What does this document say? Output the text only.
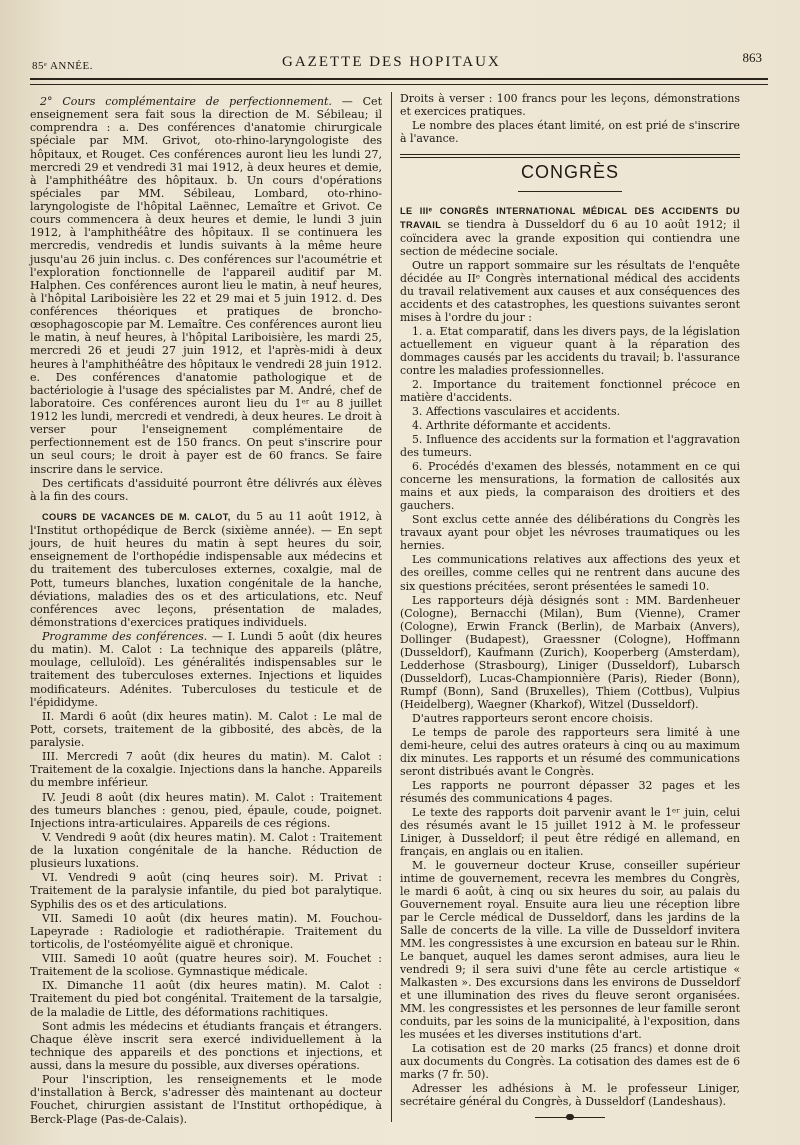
85ᵉ ANNÉE.	GAZETTE DES HOPITAUX	863

2° Cours complémentaire de perfectionnement. — Cet enseignement sera fait sous la direction de M. Sébileau; il comprendra : a. Des conférences d'anatomie chirurgicale spéciale par MM. Grivot, oto-rhino-laryngologiste des hôpitaux, et Rouget. Ces conférences auront lieu les lundi 27, mercredi 29 et vendredi 31 mai 1912, à deux heures et demie, à l'amphithéâtre des hôpitaux. b. Un cours d'opérations spéciales par MM. Sébileau, Lombard, oto-rhino-laryngologiste de l'hôpital Laënnec, Lemaître et Grivot. Ce cours commencera à deux heures et demie, le lundi 3 juin 1912, à l'amphithéâtre des hôpitaux. Il se continuera les mercredis, vendredis et lundis suivants à la même heure jusqu'au 26 juin inclus. c. Des conférences sur l'acoumétrie et l'exploration fonctionnelle de l'appareil auditif par M. Halphen. Ces conférences auront lieu le matin, à neuf heures, à l'hôpital Lariboisière les 22 et 29 mai et 5 juin 1912. d. Des conférences théoriques et pratiques de broncho-œsophagoscopie par M. Lemaître. Ces conférences auront lieu le matin, à neuf heures, à l'hôpital Lariboisière, les mardi 25, mercredi 26 et jeudi 27 juin 1912, et l'après-midi à deux heures à l'amphithéâtre des hôpitaux le vendredi 28 juin 1912. e. Des conférences d'anatomie pathologique et de bactériologie à l'usage des spécialistes par M. André, chef de laboratoire. Ces conférences auront lieu du 1ᵉʳ au 8 juillet 1912 les lundi, mercredi et vendredi, à deux heures. Le droit à verser pour l'enseignement complémentaire de perfectionnement est de 150 francs. On peut s'inscrire pour un seul cours; le droit à payer est de 60 francs. Se faire inscrire dans le service.

Des certificats d'assiduité pourront être délivrés aux élèves à la fin des cours.

COURS DE VACANCES DE M. CALOT, du 5 au 11 août 1912, à l'Institut orthopédique de Berck (sixième année). — En sept jours, de huit heures du matin à sept heures du soir, enseignement de l'orthopédie indispensable aux médecins et du traitement des tuberculoses externes, coxalgie, mal de Pott, tumeurs blanches, luxation congénitale de la hanche, déviations, maladies des os et des articulations, etc. Neuf conférences avec leçons, présentation de malades, démonstrations d'exercices pratiques individuels.

Programme des conférences. — I. Lundi 5 août (dix heures du matin). M. Calot : La technique des appareils (plâtre, moulage, celluloïd). Les généralités indispensables sur le traitement des tuberculoses externes. Injections et liquides modificateurs. Adénites. Tuberculoses du testicule et de l'épididyme.

II. Mardi 6 août (dix heures matin). M. Calot : Le mal de Pott, corsets, traitement de la gibbosité, des abcès, de la paralysie.

III. Mercredi 7 août (dix heures du matin). M. Calot : Traitement de la coxalgie. Injections dans la hanche. Appareils du membre inférieur.

IV. Jeudi 8 août (dix heures matin). M. Calot : Traitement des tumeurs blanches : genou, pied, épaule, coude, poignet. Injections intra-articulaires. Appareils de ces régions.

V. Vendredi 9 août (dix heures matin). M. Calot : Traitement de la luxation congénitale de la hanche. Réduction de plusieurs luxations.

VI. Vendredi 9 août (cinq heures soir). M. Privat : Traitement de la paralysie infantile, du pied bot paralytique. Syphilis des os et des articulations.

VII. Samedi 10 août (dix heures matin). M. Fouchou-Lapeyrade : Radiologie et radiothérapie. Traitement du torticolis, de l'ostéomyélite aiguë et chronique.

VIII. Samedi 10 août (quatre heures soir). M. Fouchet : Traitement de la scoliose. Gymnastique médicale.

IX. Dimanche 11 août (dix heures matin). M. Calot : Traitement du pied bot congénital. Traitement de la tarsalgie, de la maladie de Little, des déformations rachitiques.

Sont admis les médecins et étudiants français et étrangers. Chaque élève inscrit sera exercé individuellement à la technique des appareils et des ponctions et injections, et aussi, dans la mesure du possible, aux diverses opérations.

Pour l'inscription, les renseignements et le mode d'installation à Berck, s'adresser dès maintenant au docteur Fouchet, chirurgien assistant de l'Institut orthopédique, à Berck-Plage (Pas-de-Calais).

Droits à verser : 100 francs pour les leçons, démonstrations et exercices pratiques.

Le nombre des places étant limité, on est prié de s'inscrire à l'avance.

CONGRÈS

LE IIIᵉ CONGRÈS INTERNATIONAL MÉDICAL DES ACCIDENTS DU TRAVAIL se tiendra à Dusseldorf du 6 au 10 août 1912; il coïncidera avec la grande exposition qui contiendra une section de médecine sociale.

Outre un rapport sommaire sur les résultats de l'enquête décidée au IIᵉ Congrès international médical des accidents du travail relativement aux causes et aux conséquences des accidents et des catastrophes, les questions suivantes seront mises à l'ordre du jour :

1. a. Etat comparatif, dans les divers pays, de la législation actuellement en vigueur quant à la réparation des dommages causés par les accidents du travail; b. l'assurance contre les maladies professionnelles.

2. Importance du traitement fonctionnel précoce en matière d'accidents.

3. Affections vasculaires et accidents.

4. Arthrite déformante et accidents.

5. Influence des accidents sur la formation et l'aggravation des tumeurs.

6. Procédés d'examen des blessés, notamment en ce qui concerne les mensurations, la formation de callosités aux mains et aux pieds, la comparaison des droitiers et des gauchers.

Sont exclus cette année des délibérations du Congrès les travaux ayant pour objet les névroses traumatiques ou les hernies.

Les communications relatives aux affections des yeux et des oreilles, comme celles qui ne rentrent dans aucune des six questions précitées, seront présentées le samedi 10.

Les rapporteurs déjà désignés sont : MM. Bardenheuer (Cologne), Bernacchi (Milan), Bum (Vienne), Cramer (Cologne), Erwin Franck (Berlin), de Marbaix (Anvers), Dollinger (Budapest), Graessner (Cologne), Hoffmann (Dusseldorf), Kaufmann (Zurich), Kooperberg (Amsterdam), Ledderhose (Strasbourg), Liniger (Dusseldorf), Lubarsch (Dusseldorf), Lucas-Championnière (Paris), Rieder (Bonn), Rumpf (Bonn), Sand (Bruxelles), Thiem (Cottbus), Vulpius (Heidelberg), Waegner (Kharkof), Witzel (Dusseldorf).

D'autres rapporteurs seront encore choisis.

Le temps de parole des rapporteurs sera limité à une demi-heure, celui des autres orateurs à cinq ou au maximum dix minutes. Les rapports et un résumé des communications seront distribués avant le Congrès.

Les rapports ne pourront dépasser 32 pages et les résumés des communications 4 pages.

Le texte des rapports doit parvenir avant le 1ᵉʳ juin, celui des résumés avant le 15 juillet 1912 à M. le professeur Liniger, à Dusseldorf; il peut être rédigé en allemand, en français, en anglais ou en italien.

M. le gouverneur docteur Kruse, conseiller supérieur intime de gouvernement, recevra les membres du Congrès, le mardi 6 août, à cinq ou six heures du soir, au palais du Gouvernement royal. Ensuite aura lieu une réception libre par le Cercle médical de Dusseldorf, dans les jardins de la Salle de concerts de la ville. La ville de Dusseldorf invitera MM. les congressistes à une excursion en bateau sur le Rhin. Le banquet, auquel les dames seront admises, aura lieu le vendredi 9; il sera suivi d'une fête au cercle artistique « Malkasten ». Des excursions dans les environs de Dusseldorf et une illumination des rives du fleuve seront organisées. MM. les congressistes et les personnes de leur famille seront conduits, par les soins de la municipalité, à l'exposition, dans les musées et les diverses institutions d'art.

La cotisation est de 20 marks (25 francs) et donne droit aux documents du Congrès. La cotisation des dames est de 6 marks (7 fr. 50).

Adresser les adhésions à M. le professeur Liniger, secrétaire général du Congrès, à Dusseldorf (Landeshaus).
